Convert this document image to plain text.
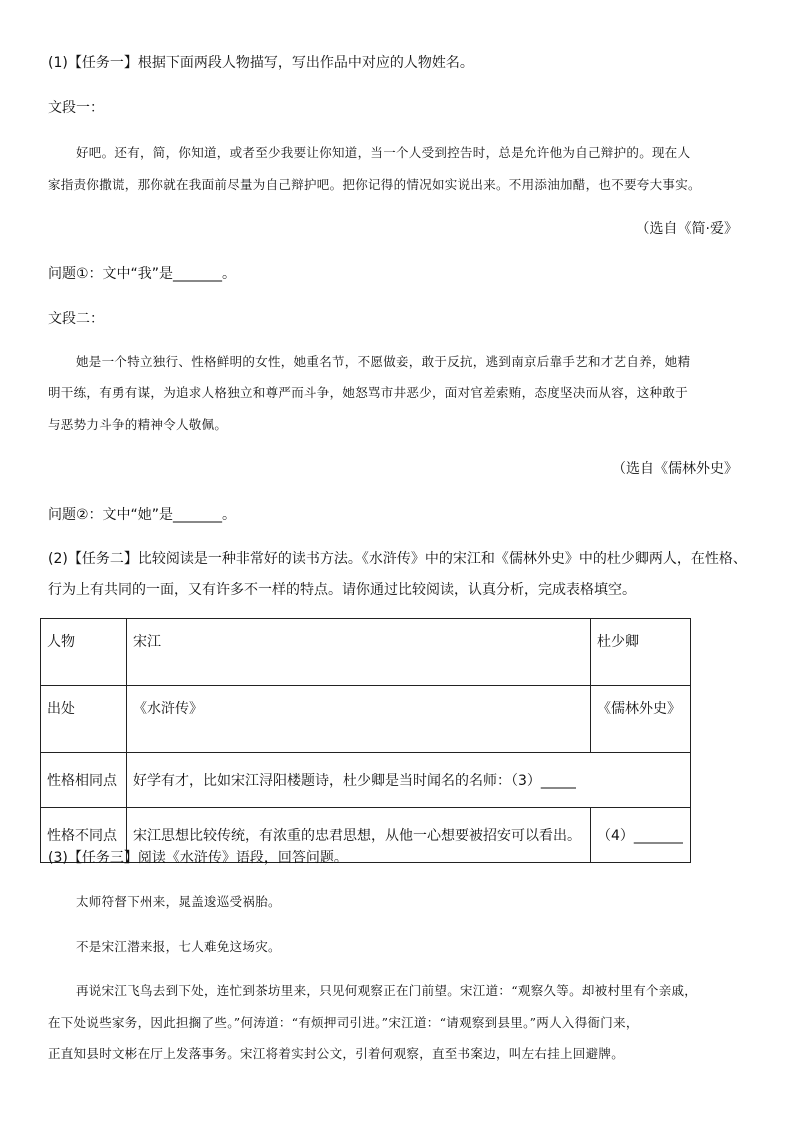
(1)【任务一】根据下面两段人物描写，写出作品中对应的人物姓名。
文段一：
好吧。还有，简，你知道，或者至少我要让你知道，当一个人受到控告时，总是允许他为自己辩护的。现在人
家指责你撒谎，那你就在我面前尽量为自己辩护吧。把你记得的情况如实说出来。不用添油加醋，也不要夸大事实。
（选自《简·爱》
问题①：文中“我”是_______。
文段二：
她是一个特立独行、性格鲜明的女性，她重名节，不愿做妾，敢于反抗，逃到南京后靠手艺和才艺自养，她精
明干练，有勇有谋，为追求人格独立和尊严而斗争，她怒骂市井恶少，面对官差索贿，态度坚决而从容，这种敢于
与恶势力斗争的精神令人敬佩。
（选自《儒林外史》
问题②：文中“她”是_______。
(2)【任务二】比较阅读是一种非常好的读书方法。《水浒传》中的宋江和《儒林外史》中的杜少卿两人，在性格、
行为上有共同的一面，又有许多不一样的特点。请你通过比较阅读，认真分析，完成表格填空。
人物	宋江	杜少卿
出处	《水浒传》	《儒林外史》
性格相同点	好学有才，比如宋江浔阳楼题诗，杜少卿是当时闻名的名师：（3）_____	
性格不同点	宋江思想比较传统，有浓重的忠君思想，从他一心想要被招安可以看出。	（4）_______
(3)【任务三】阅读《水浒传》语段，回答问题。
太师符督下州来，晁盖逡巡受祸胎。
不是宋江潜来报，七人难免这场灾。
再说宋江飞鸟去到下处，连忙到茶坊里来，只见何观察正在门前望。宋江道：“观察久等。却被村里有个亲戚，
在下处说些家务，因此担搁了些。”何涛道：“有烦押司引进。”宋江道：“请观察到县里。”两人入得衙门来，
正直知县时文彬在厅上发落事务。宋江将着实封公文，引着何观察，直至书案边，叫左右挂上回避牌。
